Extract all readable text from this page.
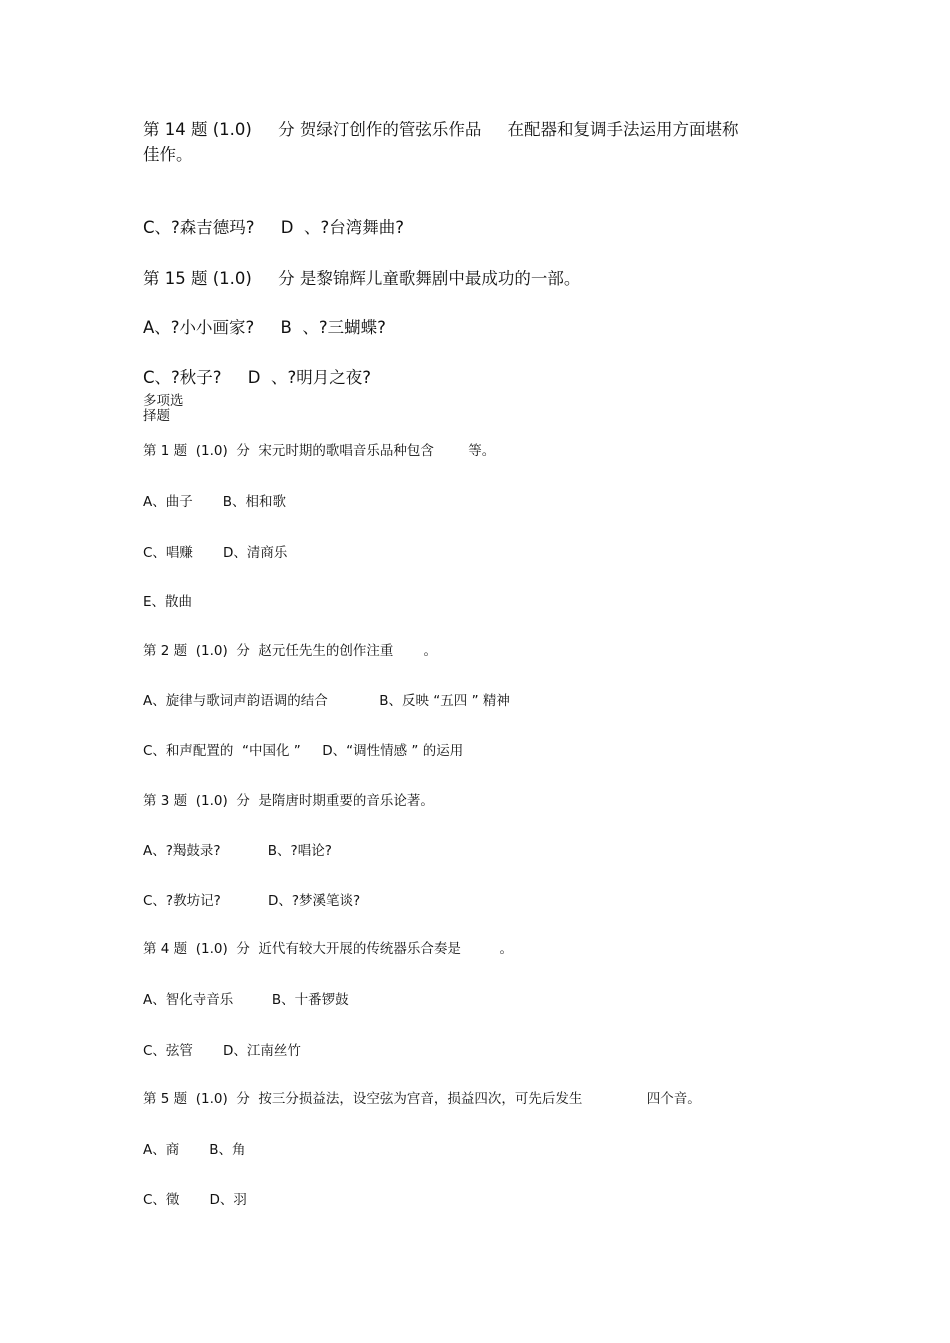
第 14 题 (1.0)     分 贺绿汀创作的管弦乐作品     在配器和复调手法运用方面堪称
佳作。
C、?森吉德玛?     D  、?台湾舞曲?
第 15 题 (1.0)     分 是黎锦辉儿童歌舞剧中最成功的一部。
A、?小小画家?     B  、?三蝴蝶?
C、?秋子?     D  、?明月之夜?
多项选
择题
第 1 题  (1.0)  分  宋元时期的歌唱音乐品种包含        等。
A、曲子       B、相和歌
C、唱赚       D、清商乐
E、散曲
第 2 题  (1.0)  分  赵元任先生的创作注重       。
A、旋律与歌词声韵语调的结合            B、反映 “五四 ” 精神
C、和声配置的  “中国化 ”     D、“调性情感 ” 的运用
第 3 题  (1.0)  分  是隋唐时期重要的音乐论著。
A、?羯鼓录?           B、?唱论?
C、?教坊记?           D、?梦溪笔谈?
第 4 题  (1.0)  分  近代有较大开展的传统器乐合奏是         。
A、智化寺音乐         B、十番锣鼓
C、弦管       D、江南丝竹
第 5 题  (1.0)  分  按三分损益法，设空弦为宫音，损益四次，可先后发生               四个音。
A、商       B、角
C、徵       D、羽
